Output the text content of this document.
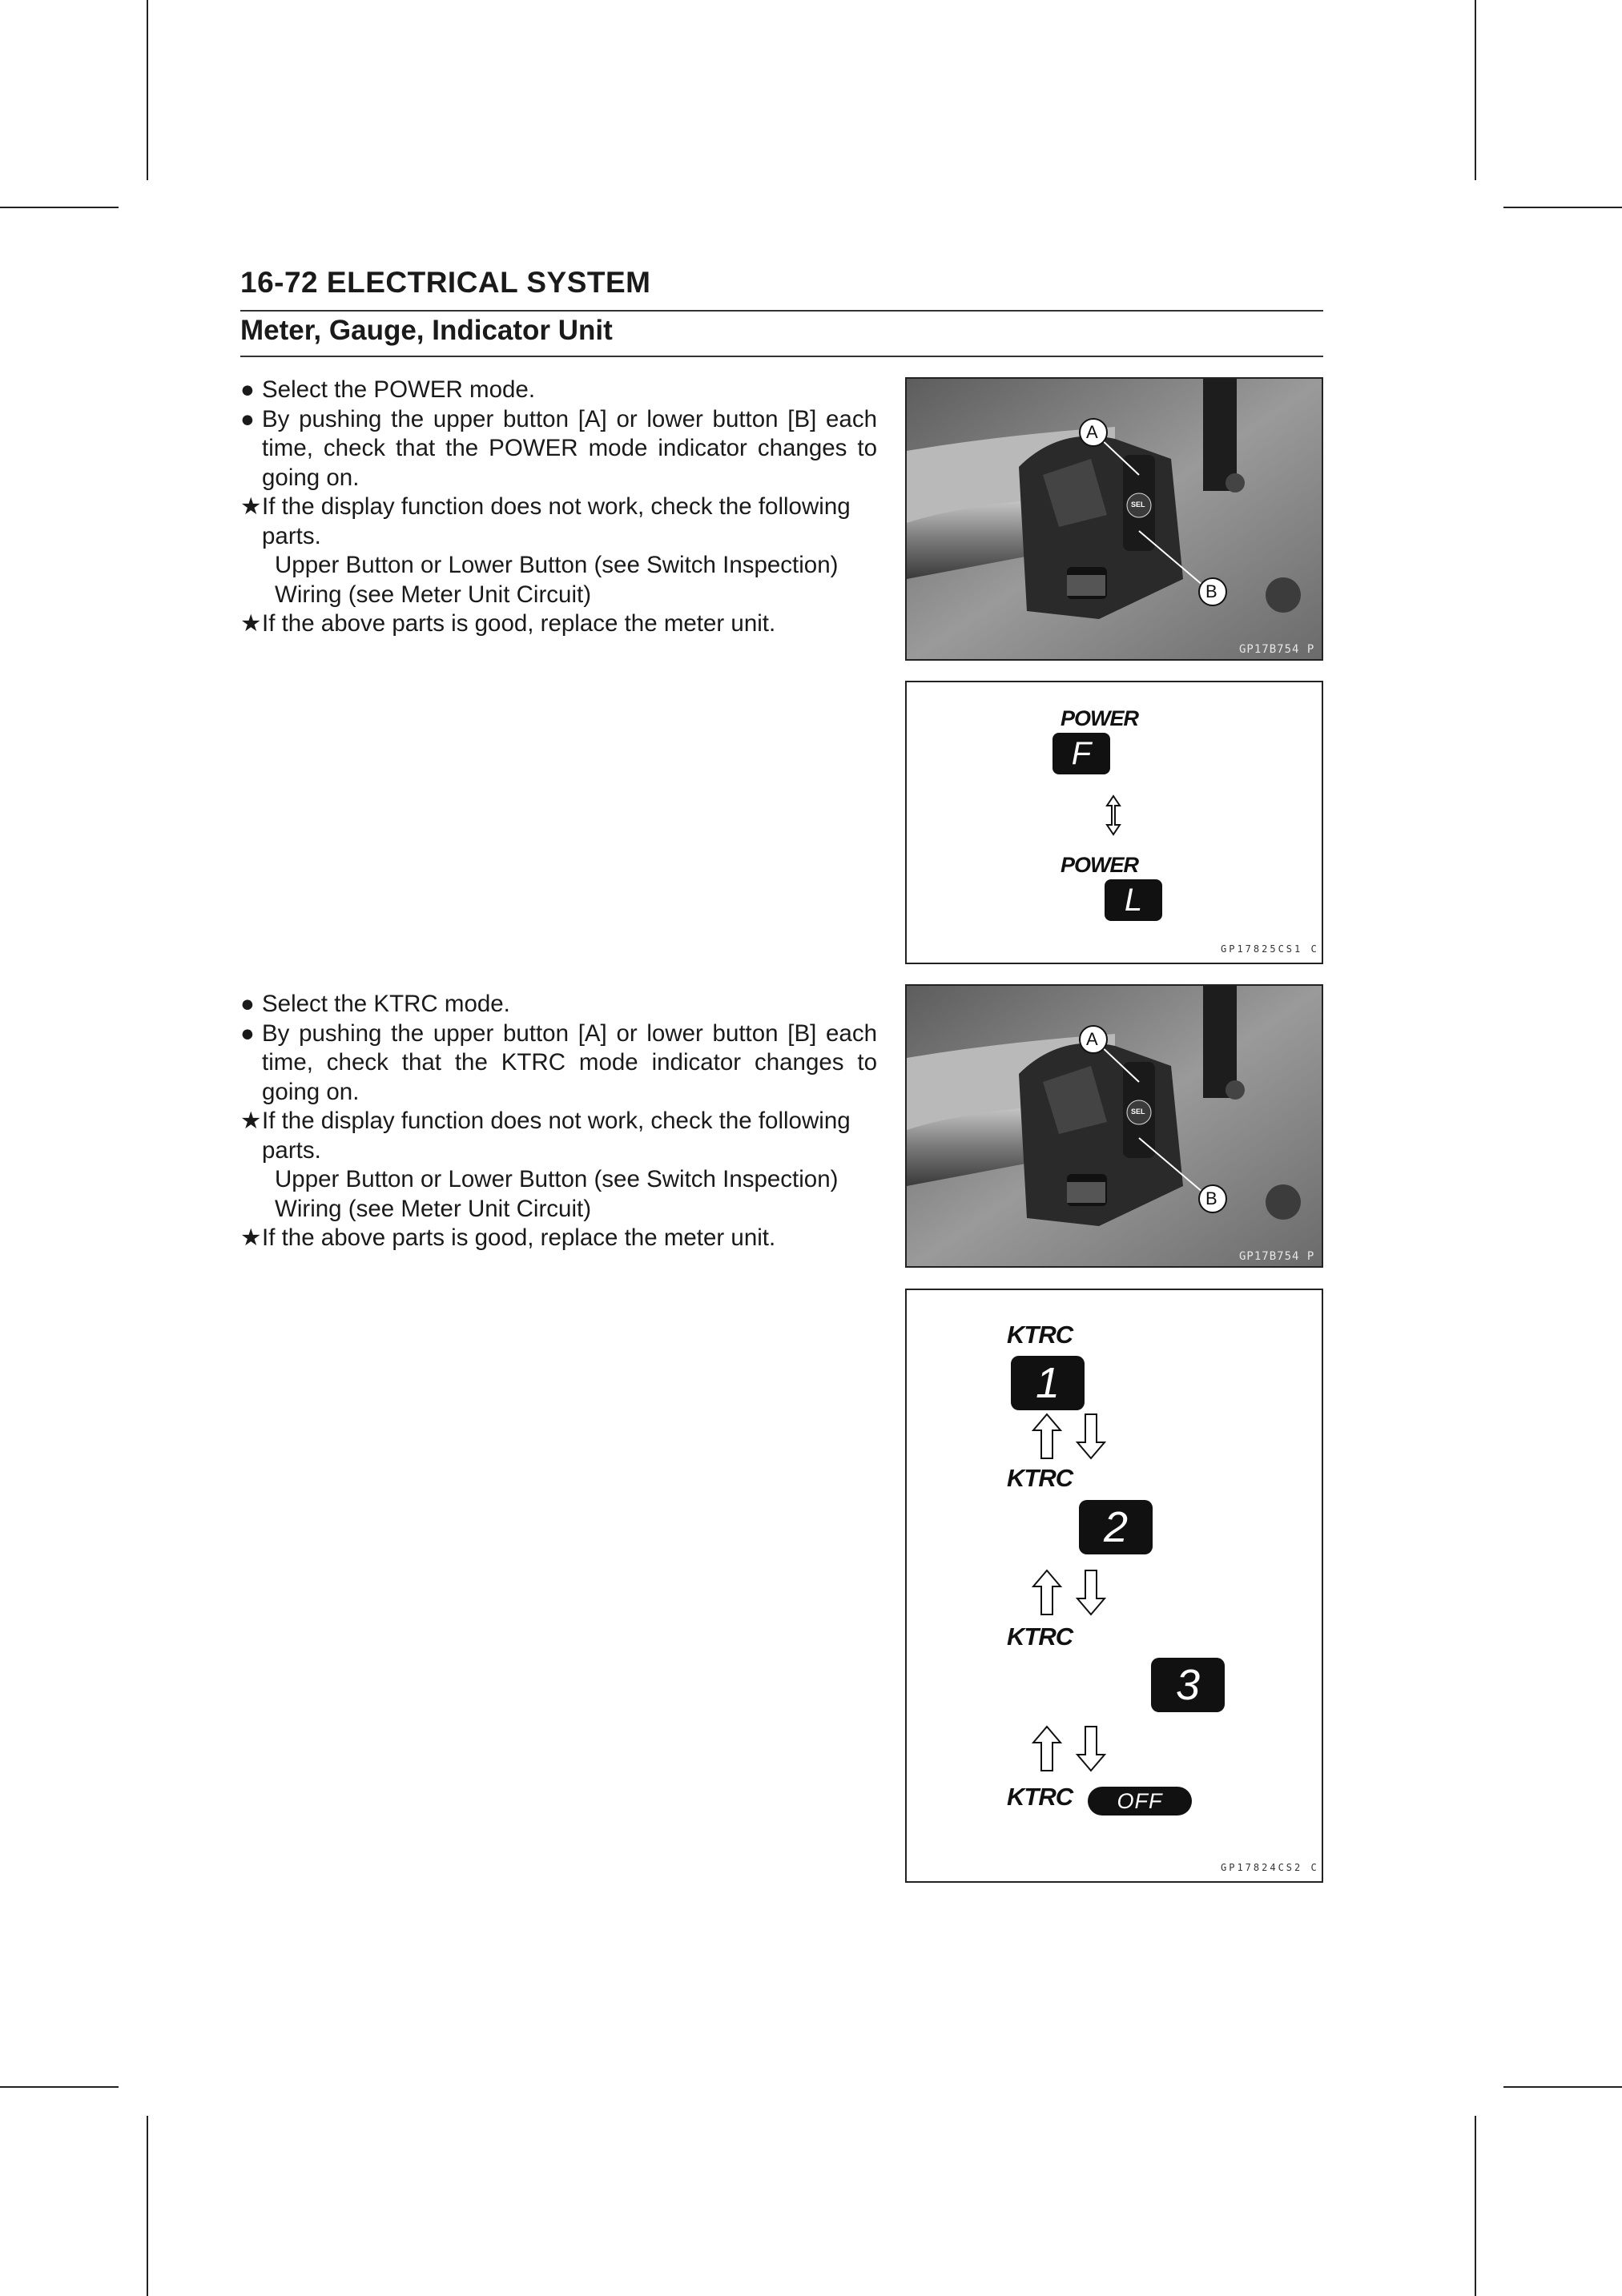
16-72 ELECTRICAL SYSTEM
Meter, Gauge, Indicator Unit
● Select the POWER mode.
● By pushing the upper button [A] or lower button [B] each time, check that the POWER mode indicator changes to going on.
★ If the display function does not work, check the following parts.
Upper Button or Lower Button (see Switch Inspection)
Wiring (see Meter Unit Circuit)
★ If the above parts is good, replace the meter unit.
● Select the KTRC mode.
● By pushing the upper button [A] or lower button [B] each time, check that the KTRC mode indicator changes to going on.
★ If the display function does not work, check the following parts.
Upper Button or Lower Button (see Switch Inspection)
Wiring (see Meter Unit Circuit)
★ If the above parts is good, replace the meter unit.
SEL
A
B
GP17B754 P
POWER
F
POWER
L
GP17825CS1 C
SEL
A
B
GP17B754 P
KTRC
1
KTRC
2
KTRC
3
KTRC	OFF
GP17824CS2 C
